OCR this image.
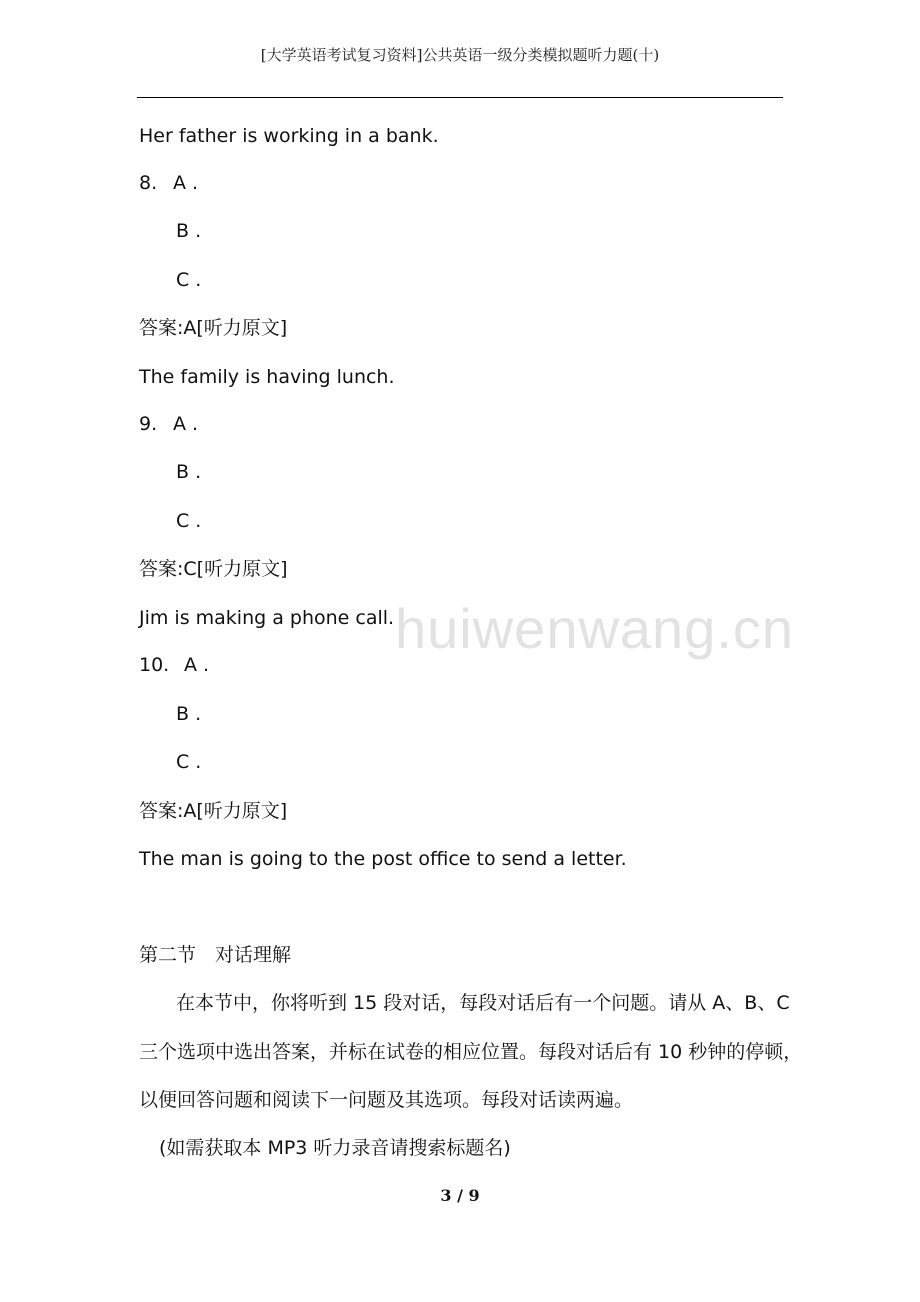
[大学英语考试复习资料]公共英语一级分类模拟题听力题(十)
Her father is working in a bank.
8. A .
B .
C .
答案:A[听力原文]
The family is having lunch.
9. A .
B .
C .
答案:C[听力原文]
Jim is making a phone call.
10. A .
B .
C .
答案:A[听力原文]
The man is going to the post office to send a letter.
第二节　对话理解
在本节中，你将听到 15 段对话，每段对话后有一个问题。请从 A、B、C
三个选项中选出答案，并标在试卷的相应位置。每段对话后有 10 秒钟的停顿，
以便回答问题和阅读下一问题及其选项。每段对话读两遍。
(如需获取本 MP3 听力录音请搜索标题名)
huiwenwang.cn
3 / 9
